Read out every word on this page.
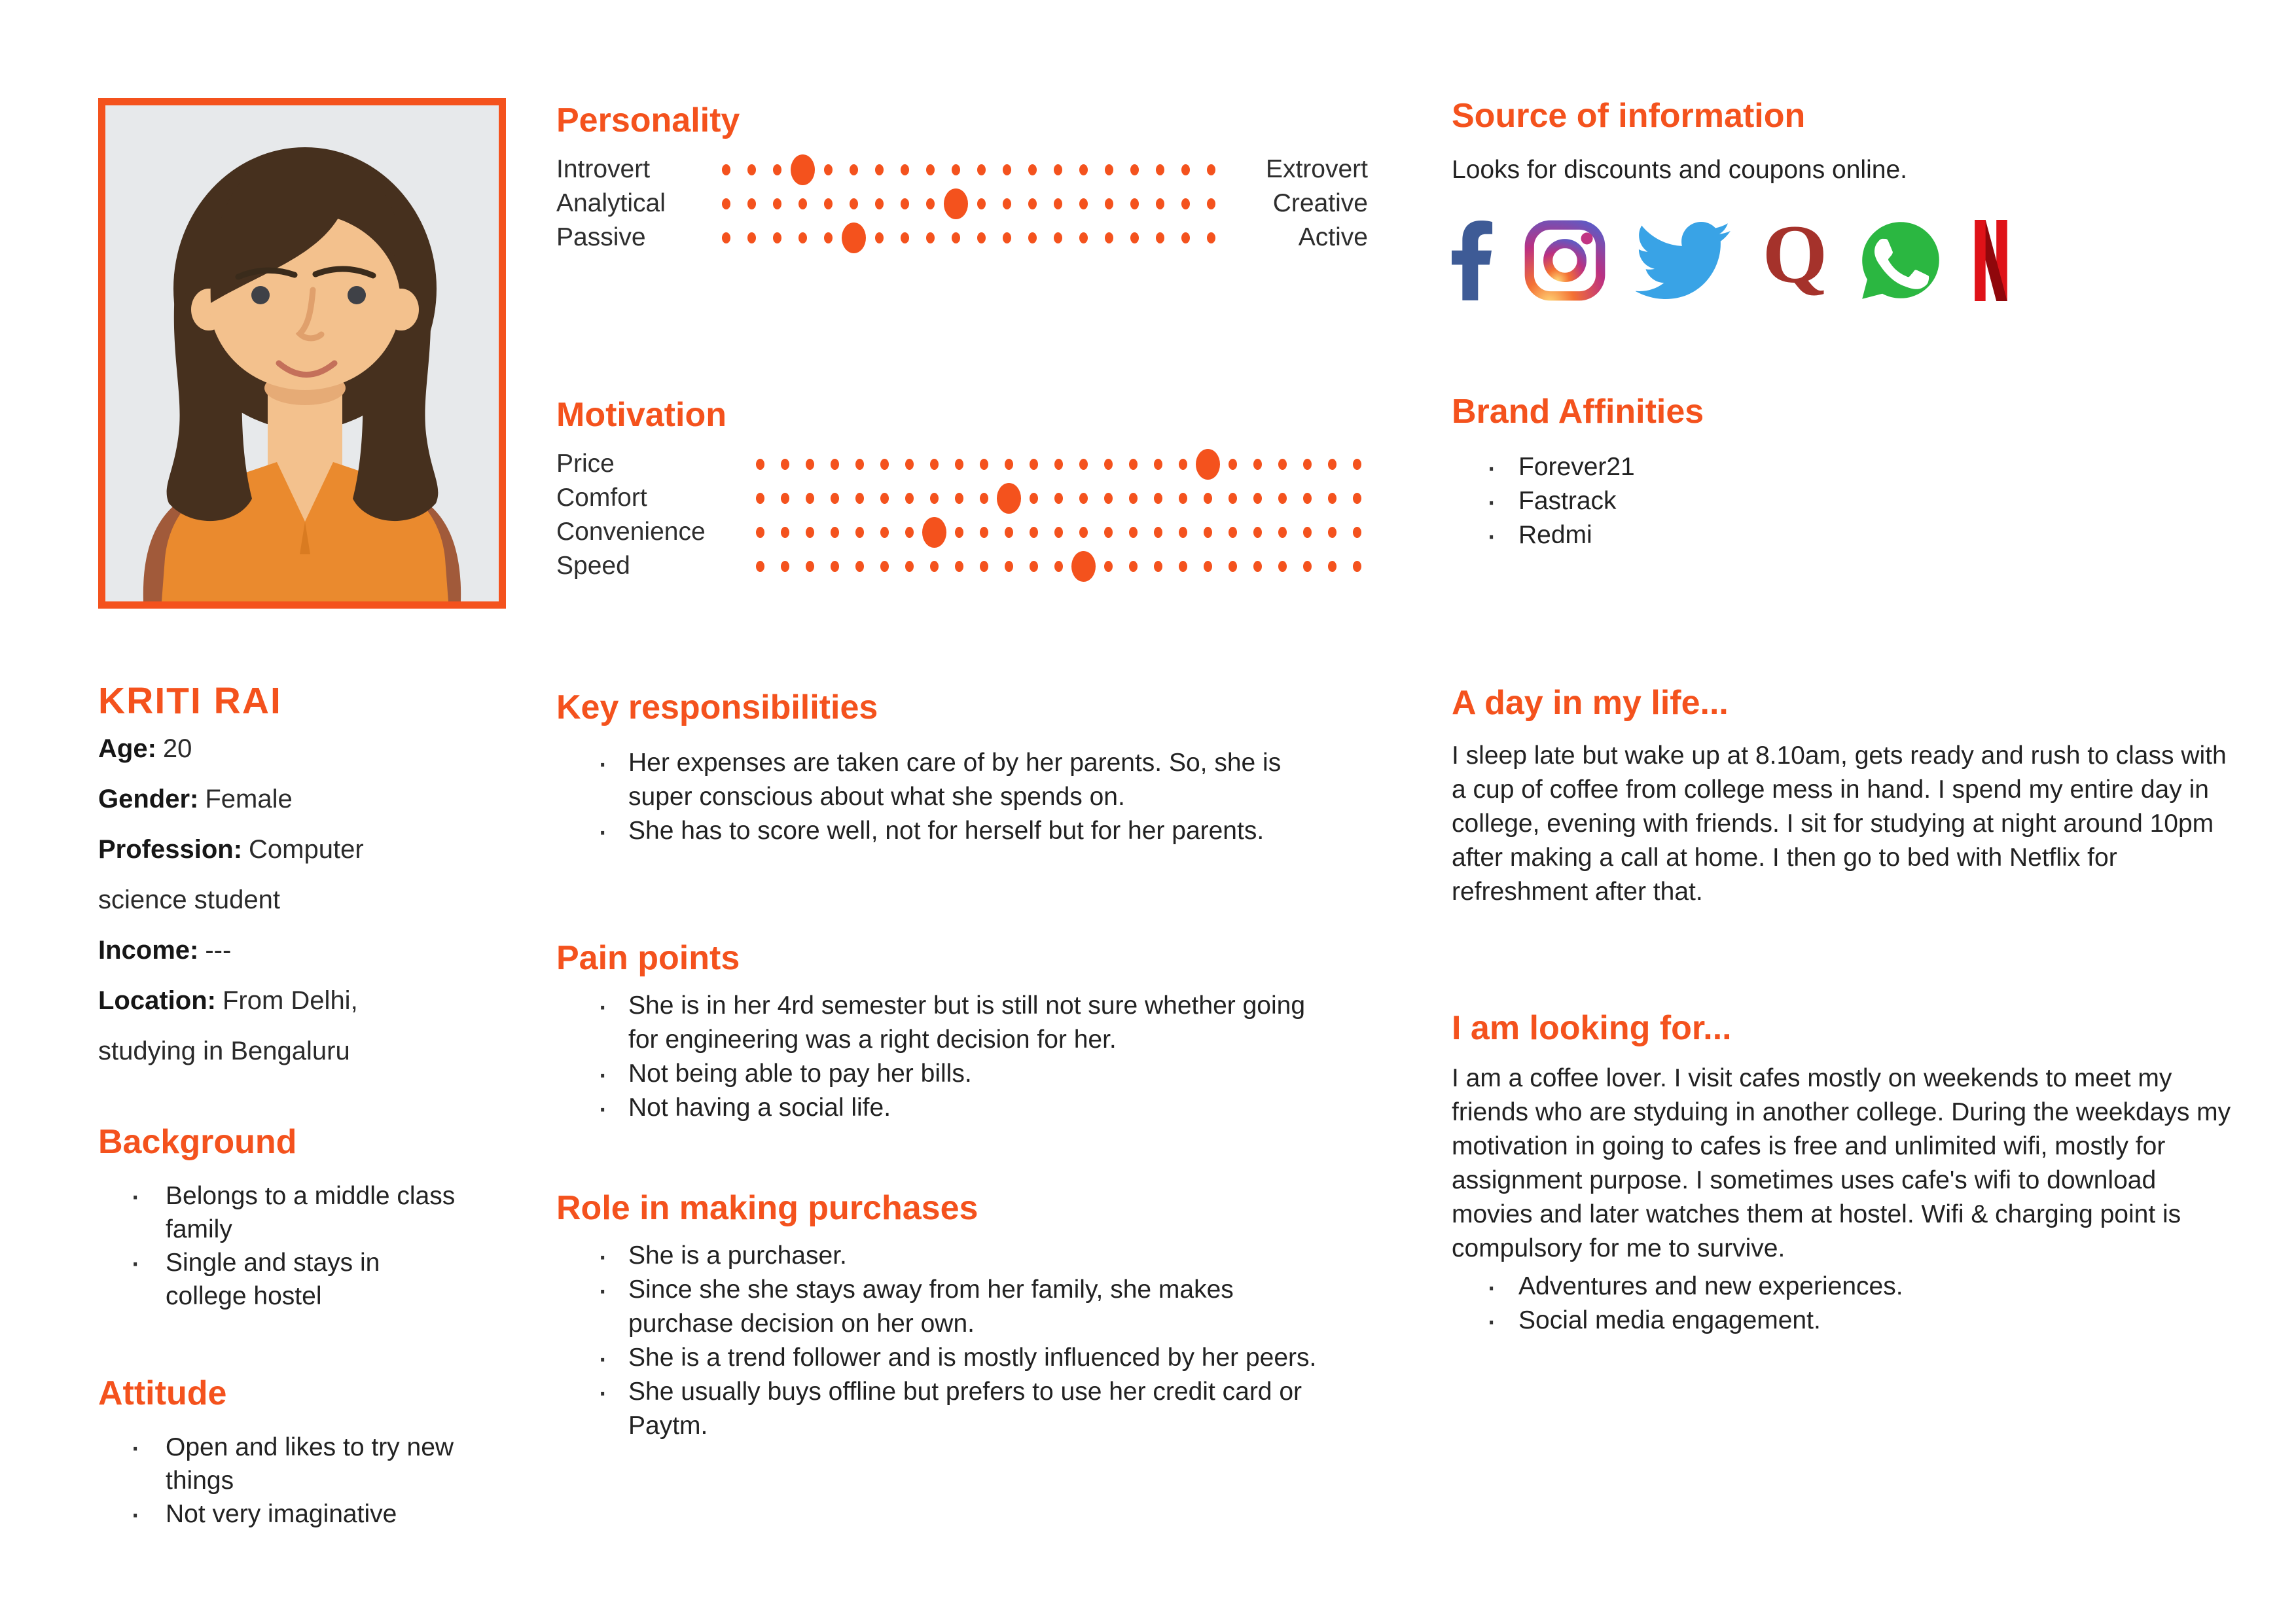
KRITI RAI

Age: 20

Gender: Female

Profession: Computer science student

Income: ---

Location: From Delhi, studying in Bengaluru

Background
· Belongs to a middle class family
· Single and stays in college hostel
Attitude
· Open and likes to try new things
· Not very imaginative
Personality
Introvert	Extrovert
Analytical	Creative
Passive	Active
Motivation
Price
Comfort
Convenience
Speed
Key responsibilities
· Her expenses are taken care of by her parents. So, she is super conscious about what she spends on.
· She has to score well, not for herself but for her parents.
Pain points
· She is in her 4rd semester but is still not sure whether going for engineering was a right decision for her.
· Not being able to pay her bills.
· Not having a social life.
Role in making purchases
· She is a purchaser.
· Since she she stays away from her family, she makes purchase decision on her own.
· She is a trend follower and is mostly influenced by her peers.
· She usually buys offline but prefers to use her credit card or Paytm.
Source of information

Looks for discounts and coupons online.

Q
Brand Affinities
· Forever21
· Fastrack
· Redmi
A day in my life...

I sleep late but wake up at 8.10am, gets ready and rush to class with a cup of coffee from college mess in hand. I spend my entire day in college, evening with friends. I sit for studying at night around 10pm after making a call at home. I then go to bed with Netflix for refreshment after that.

I am looking for...

I am a coffee lover. I visit cafes mostly on weekends to meet my friends who are styduing in another college. During the weekdays my motivation in going to cafes is free and unlimited wifi, mostly for assignment purpose. I sometimes uses cafe's wifi to download movies and later watches them at hostel. Wifi & charging point is compulsory for me to survive.

· Adventures and new experiences.
· Social media engagement.
